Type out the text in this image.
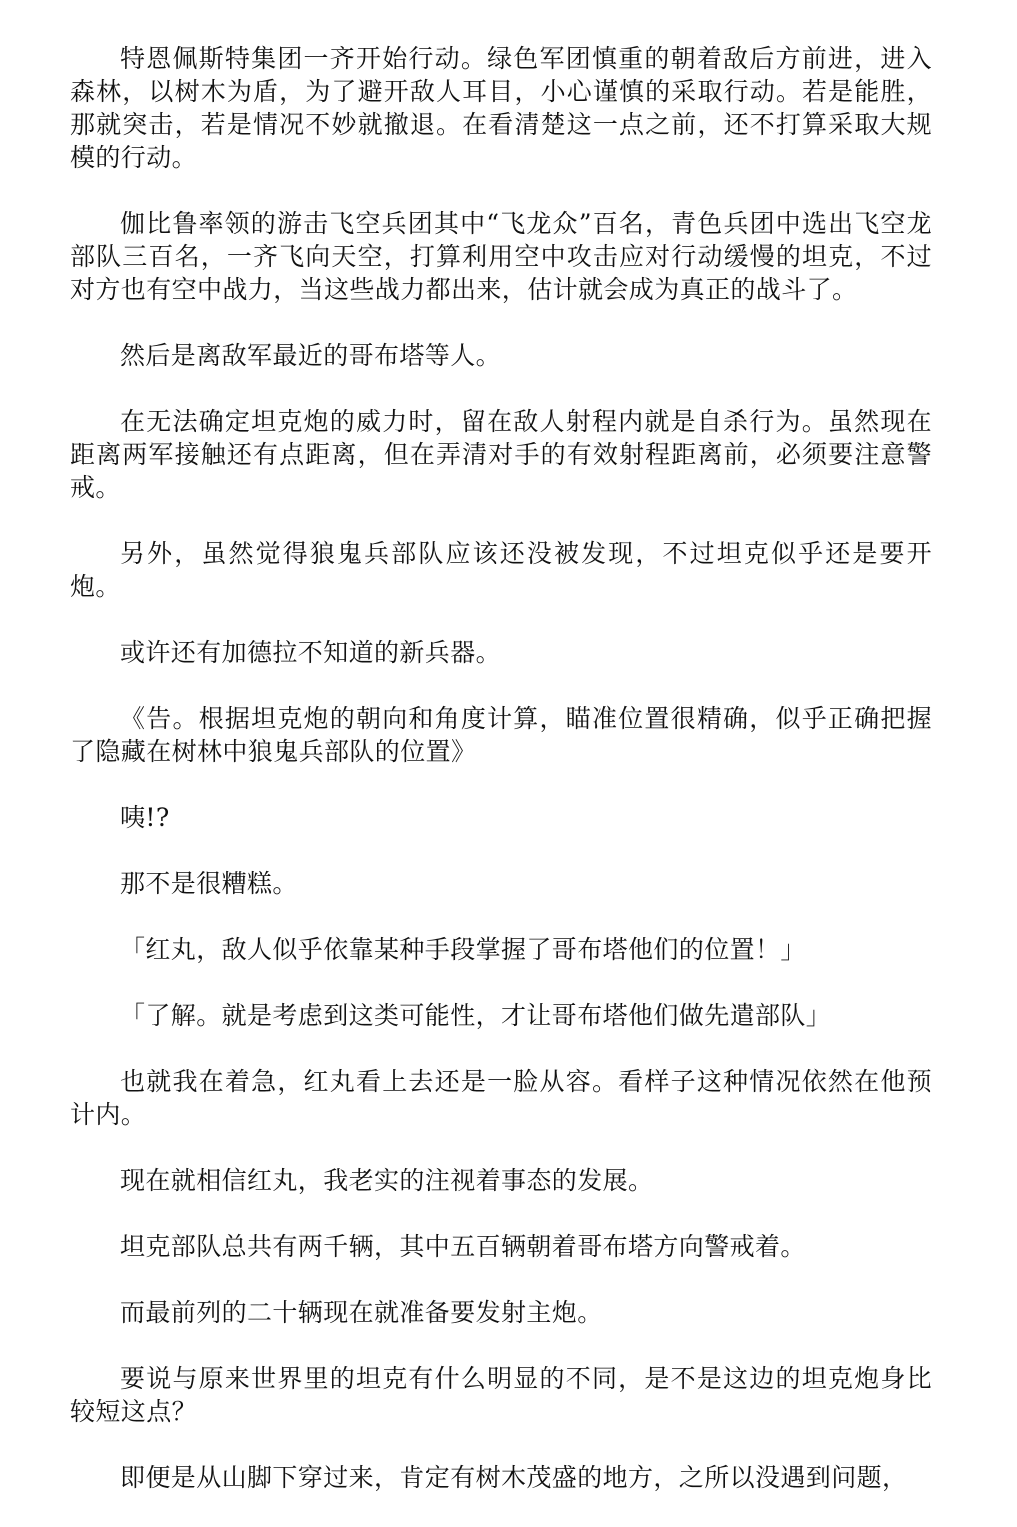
特恩佩斯特集团一齐开始行动。绿色军团慎重的朝着敌后方前进，进入森林，以树木为盾，为了避开敌人耳目，小心谨慎的采取行动。若是能胜，那就突击，若是情况不妙就撤退。在看清楚这一点之前，还不打算采取大规模的行动。

伽比鲁率领的游击飞空兵团其中“飞龙众”百名，青色兵团中选出飞空龙部队三百名，一齐飞向天空，打算利用空中攻击应对行动缓慢的坦克，不过对方也有空中战力，当这些战力都出来，估计就会成为真正的战斗了。

然后是离敌军最近的哥布塔等人。

在无法确定坦克炮的威力时，留在敌人射程内就是自杀行为。虽然现在距离两军接触还有点距离，但在弄清对手的有效射程距离前，必须要注意警戒。

另外，虽然觉得狼鬼兵部队应该还没被发现，不过坦克似乎还是要开炮。

或许还有加德拉不知道的新兵器。

《告。根据坦克炮的朝向和角度计算，瞄准位置很精确，似乎正确把握了隐藏在树林中狼鬼兵部队的位置》

咦!?

那不是很糟糕。

「红丸，敌人似乎依靠某种手段掌握了哥布塔他们的位置！」

「了解。就是考虑到这类可能性，才让哥布塔他们做先遣部队」

也就我在着急，红丸看上去还是一脸从容。看样子这种情况依然在他预计内。

现在就相信红丸，我老实的注视着事态的发展。

坦克部队总共有两千辆，其中五百辆朝着哥布塔方向警戒着。

而最前列的二十辆现在就准备要发射主炮。

要说与原来世界里的坦克有什么明显的不同，是不是这边的坦克炮身比较短这点？

即便是从山脚下穿过来，肯定有树木茂盛的地方，之所以没遇到问题，
